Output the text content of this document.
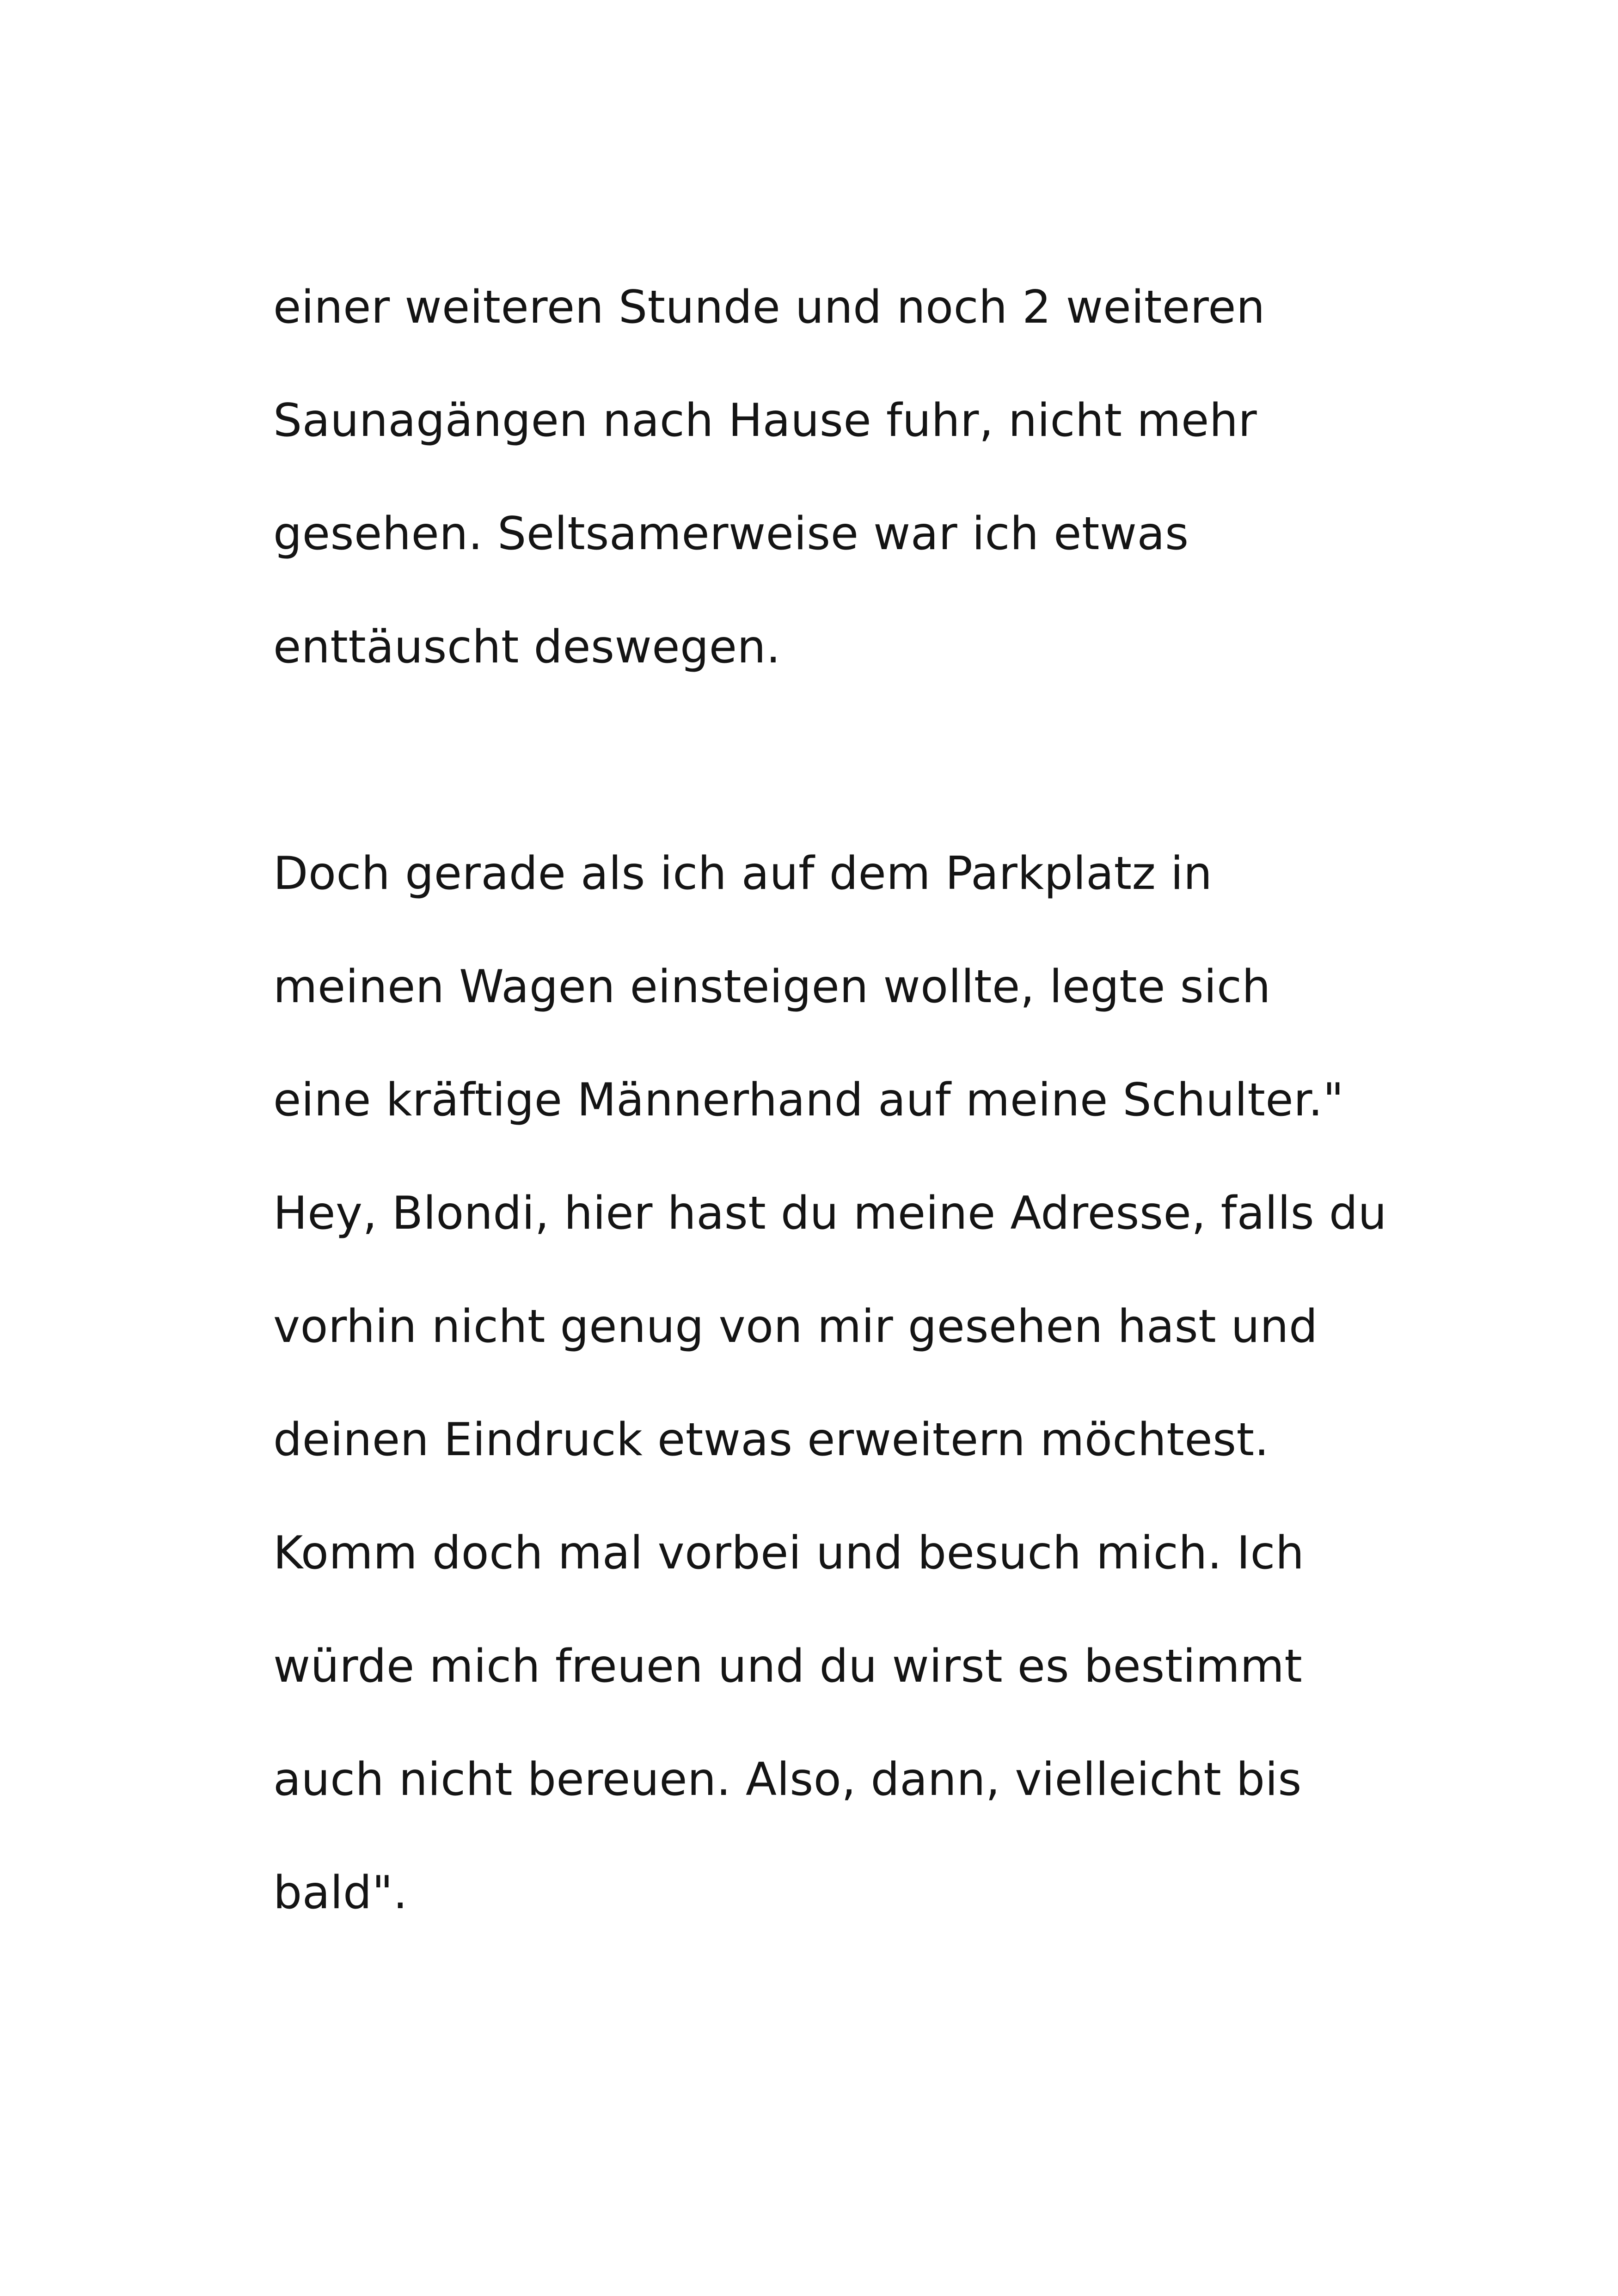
einer weiteren Stunde und noch 2 weiteren

Saunagängen nach Hause fuhr, nicht mehr

gesehen. Seltsamerweise war ich etwas

enttäuscht deswegen.

Doch gerade als ich auf dem Parkplatz in

meinen Wagen einsteigen wollte, legte sich

eine kräftige Männerhand auf meine Schulter."

Hey, Blondi, hier hast du meine Adresse, falls du

vorhin nicht genug von mir gesehen hast und

deinen Eindruck etwas erweitern möchtest.

Komm doch mal vorbei und besuch mich. Ich

würde mich freuen und du wirst es bestimmt

auch nicht bereuen. Also, dann, vielleicht bis

bald".
